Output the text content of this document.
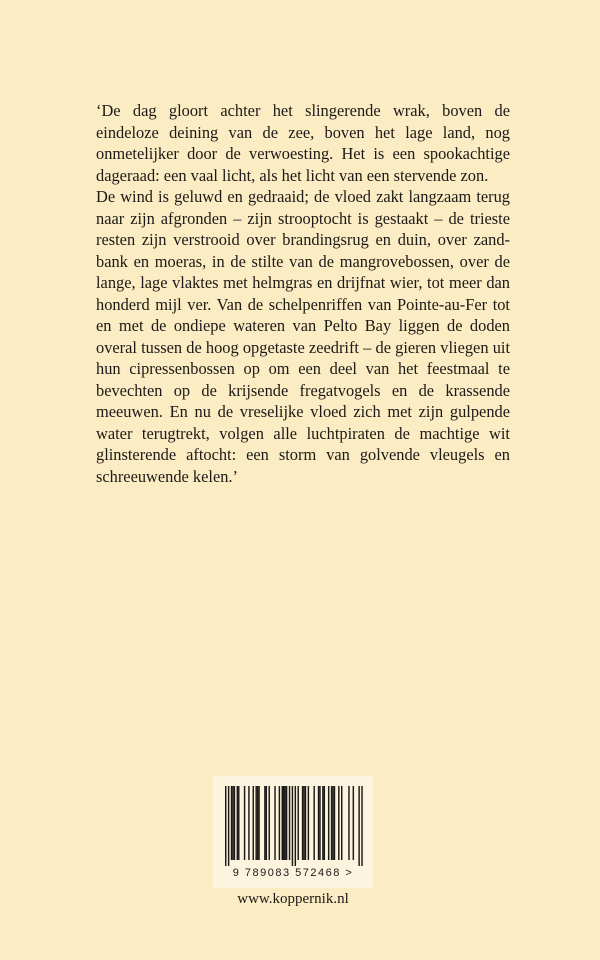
‘De dag gloort achter het slingerende wrak, boven de eindeloze deining van de zee, boven het lage land, nog onmetelijker door de verwoesting. Het is een spookachtige dageraad: een vaal licht, als het licht van een stervende zon.

De wind is geluwd en gedraaid; de vloed zakt langzaam terug naar zijn afgronden – zijn strooptocht is gestaakt – de trieste resten zijn verstrooid over brandingsrug en duin, over zandbank en moeras, in de stilte van de mangrovebossen, over de lange, lage vlaktes met helmgras en drijfnat wier, tot meer dan honderd mijl ver. Van de schelpenriffen van Pointe-au-Fer tot en met de ondiepe wateren van Pelto Bay liggen de doden overal tussen de hoog opgetaste zeedrift – de gieren vliegen uit hun cipressenbossen op om een deel van het feestmaal te bevechten op de krijsende fregatvogels en de krassende meeuwen. En nu de vreselijke vloed zich met zijn gulpende water terugtrekt, volgen alle luchtpiraten de machtige wit glinsterende aftocht: een storm van golvende vleugels en schreeuwende kelen.’

9 789083 572468 >
www.koppernik.nl
